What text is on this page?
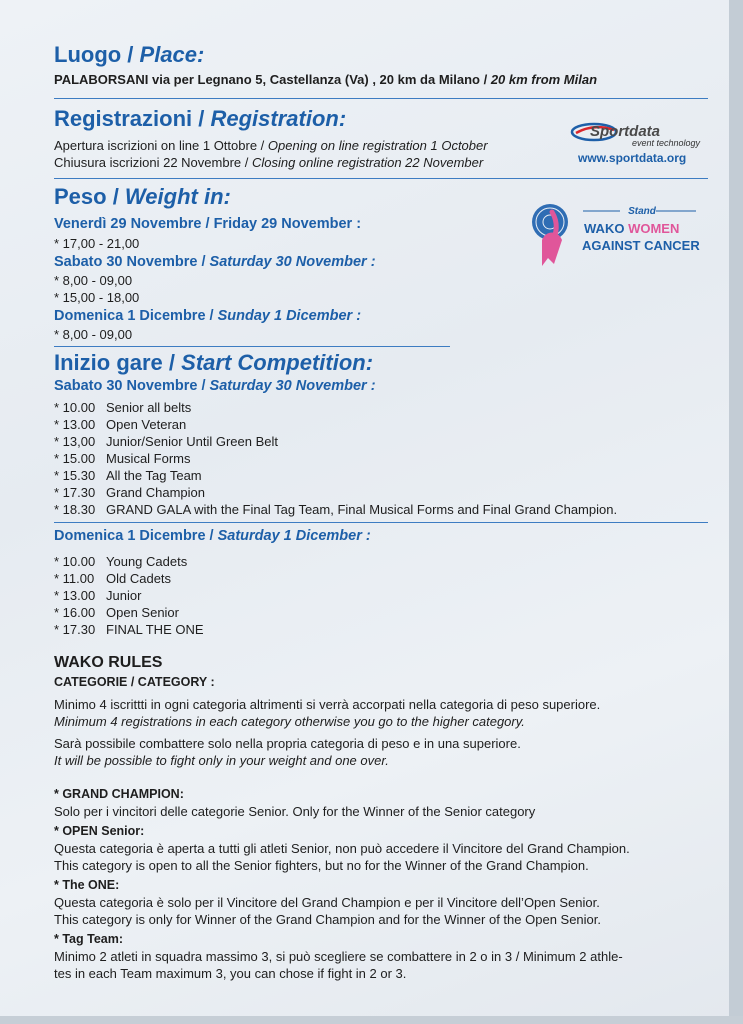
Luogo / Place:
PALABORSANI via per Legnano 5, Castellanza (Va) , 20 km da Milano / 20 km from Milan
Registrazioni / Registration:
Apertura iscrizioni on line 1 Ottobre / Opening on line registration 1 October
Chiusura iscrizioni 22 Novembre / Closing online registration 22 November
Sportdata
event technology
www.sportdata.org
Peso / Weight in:
Venerdì 29 Novembre / Friday 29 November :
* 17,00 - 21,00
Sabato 30 Novembre / Saturday 30 November :
* 8,00 - 09,00
* 15,00 - 18,00
Domenica 1 Dicembre / Sunday 1 Dicember :
* 8,00 - 09,00
Stand
WAKO WOMEN
AGAINST CANCER
Inizio gare / Start Competition:
Sabato 30 Novembre / Saturday 30 November :
* 10.00 Senior all belts
* 13.00 Open Veteran
* 13,00 Junior/Senior Until Green Belt
* 15.00 Musical Forms
* 15.30 All the Tag Team
* 17.30 Grand Champion
* 18.30 GRAND GALA with the Final Tag Team, Final Musical Forms and Final Grand Champion.
Domenica 1 Dicembre / Saturday 1 Dicember :
* 10.00 Young Cadets
* 11.00 Old Cadets
* 13.00 Junior
* 16.00 Open Senior
* 17.30 FINAL THE ONE
WAKO RULES
CATEGORIE / CATEGORY :
Minimo 4 iscrittti in ogni categoria altrimenti si verrà accorpati nella categoria di peso superiore.
Minimum 4 registrations in each category otherwise you go to the higher category.
Sarà possibile combattere solo nella propria categoria di peso e in una superiore.
It will be possible to fight only in your weight and one over.
* GRAND CHAMPION:
Solo per i vincitori delle categorie Senior. Only for the Winner of the Senior category
* OPEN Senior:
Questa categoria è aperta a tutti gli atleti Senior, non può accedere il Vincitore del Grand Champion.
This category is open to all the Senior fighters, but no for the Winner of the Grand Champion.
* The ONE:
Questa categoria è solo per il Vincitore del Grand Champion e per il Vincitore dell’Open Senior.
This category is only for Winner of the Grand Champion and for the Winner of the Open Senior.
* Tag Team:
Minimo 2 atleti in squadra massimo 3, si può scegliere se combattere in 2 o in 3 / Minimum 2 athle-
tes in each Team maximum 3, you can chose if fight in 2 or 3.
